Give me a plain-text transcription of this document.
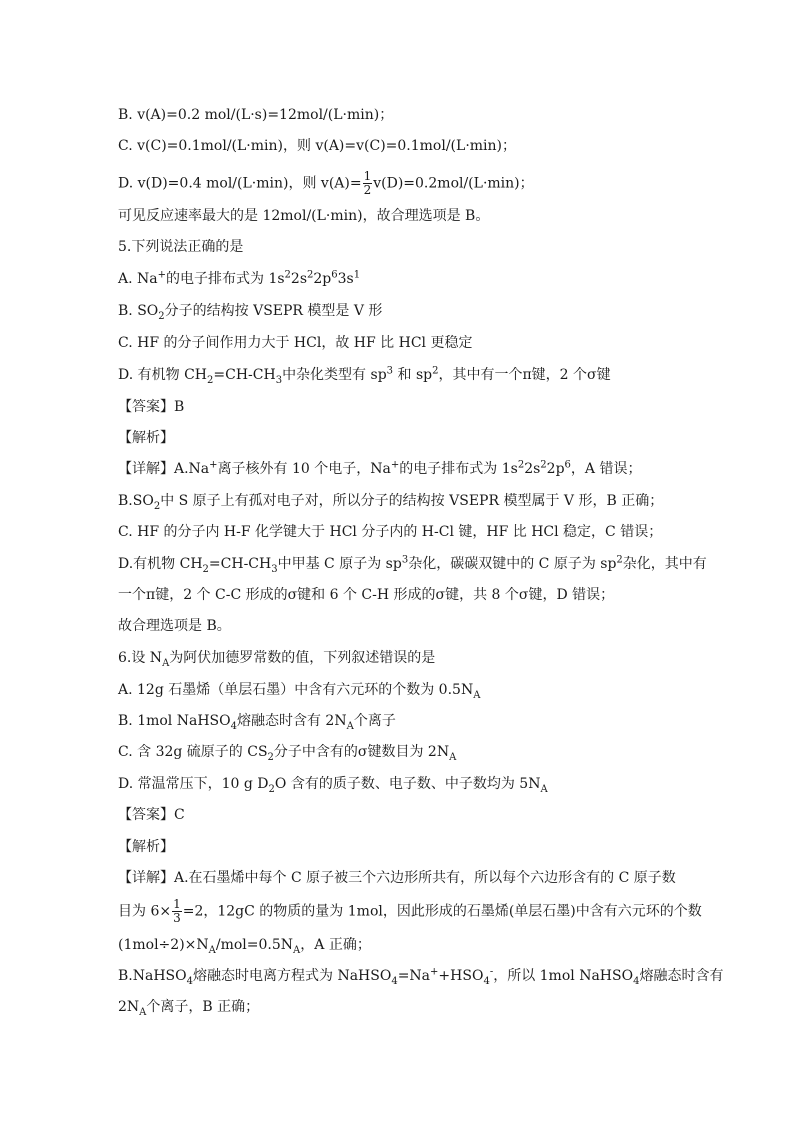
B. v(A)=0.2 mol/(L·s)=12mol/(L·min)；
C. v(C)=0.1mol/(L·min)，则 v(A)=v(C)=0.1mol/(L·min)；
D. v(D)=0.4 mol/(L·min)，则 $v(A)= \frac{1}{2} v(D)=0.2mol/(L\cdot\min)$；
可见反应速率最大的是 12mol/(L·min)，故合理选项是 B。
5.下列说法正确的是
A. Na+的电子排布式为 $1s^22s^22p^63s^1$
B. $SO_2$分子的结构按 VSEPR 模型是 V 形
C. HF 的分子间作用力大于 HCl，故 HF 比 HCl 更稳定
D. 有机物 $CH_2=CH-CH_3$中杂化类型有 $sp^3$ 和 $sp^2$，其中有一个π键，2 个σ键
【答案】B
【解析】
【详解】A.Na+离子核外有 10 个电子，Na+的电子排布式为 $1s^22s^22p^6$，A 错误；
$B.SO_2$中 S 原子上有孤对电子对，所以分子的结构按 VSEPR 模型属于 V 形，B 正确；
C. HF 的分子内 H-F 化学键大于 HCl 分子内的 H-Cl 键，HF 比 HCl 稳定，C 错误；
D.有机物 $CH_2=CH-CH_3$中甲基 C 原子为 $sp^3$杂化，碳碳双键中的 C 原子为 $sp^2$杂化，其中有
一个π键，2 个 C-C 形成的σ键和 6 个 C-H 形成的σ键，共 8 个σ键，D 错误；
故合理选项是 B。
6.设 $N_A$为阿伏加德罗常数的值，下列叙述错误的是
A. 12g 石墨烯（单层石墨）中含有六元环的个数为 $0.5N_A$
B. 1mol NaHSO$_4$熔融态时含有 $2N_A$个离子
C. 含 32g 硫原子的 $CS_2$分子中含有的σ键数目为 $2N_A$
D. 常温常压下，10 g $D_2O$ 含有的质子数、电子数、中子数均为 $5N_A$
【答案】C
【解析】
【详解】A.在石墨烯中每个 C 原子被三个六边形所共有，所以每个六边形含有的 C 原子数
目为 $6\times \frac{1}{3} =2$，12gC 的物质的量为 1mol，因此形成的石墨烯(单层石墨)中含有六元环的个数
$(1mol\div 2)\times N_A/mol=0.5N_A$，A 正确；
B.NaHSO$_4$熔融态时电离方程式为 $NaHSO_4=Na^++HSO_4^-$，所以 1mol NaHSO$_4$熔融态时含有
$2N_A$个离子，B 正确；
